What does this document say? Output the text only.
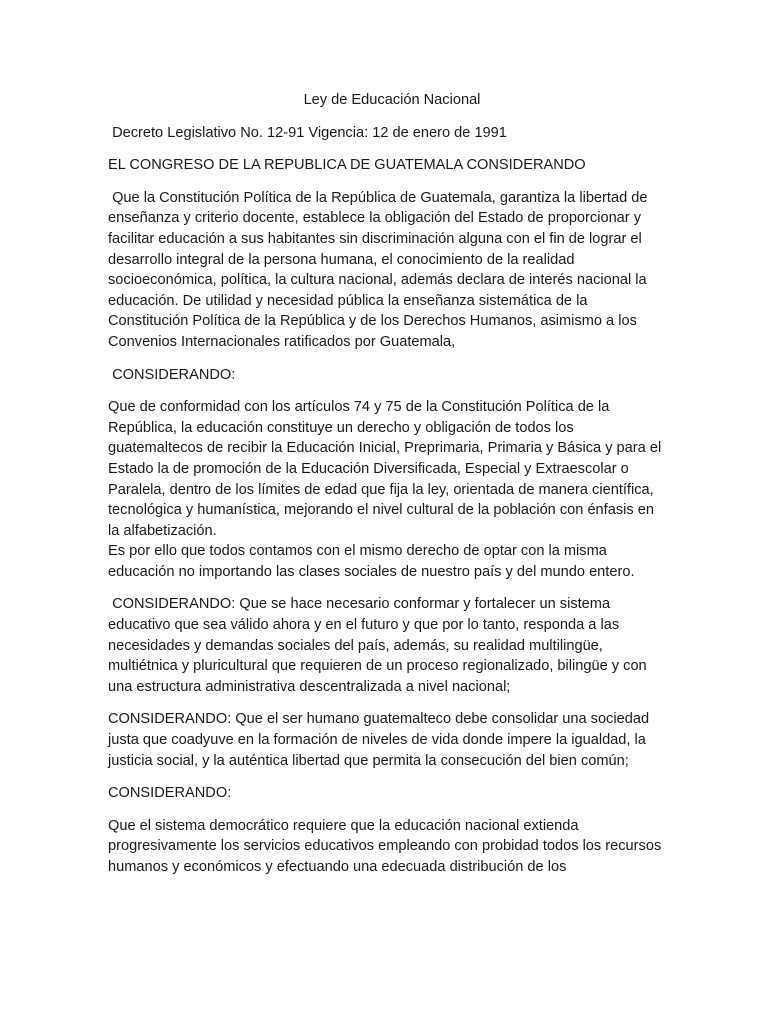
Ley de Educación Nacional
Decreto Legislativo No. 12-91 Vigencia: 12 de enero de 1991
EL CONGRESO DE LA REPUBLICA DE GUATEMALA CONSIDERANDO
Que la Constitución Política de la República de Guatemala, garantiza la libertad de enseñanza y criterio docente, establece la obligación del Estado de proporcionar y facilitar educación a sus habitantes sin discriminación alguna con el fin de lograr el desarrollo integral de la persona humana, el conocimiento de la realidad socioeconómica, política, la cultura nacional, además declara de interés nacional la educación. De utilidad y necesidad pública la enseñanza sistemática de la Constitución Política de la República y de los Derechos Humanos, asimismo a los Convenios Internacionales ratificados por Guatemala,
CONSIDERANDO:
Que de conformidad con los artículos 74 y 75 de la Constitución Política de la República, la educación constituye un derecho y obligación de todos los guatemaltecos de recibir la Educación Inicial, Preprimaria, Primaria y Básica y para el Estado la de promoción de la Educación Diversificada, Especial y Extraescolar o Paralela, dentro de los límites de edad que fija la ley, orientada de manera científica, tecnológica y humanística, mejorando el nivel cultural de la población con énfasis en la alfabetización.
Es por ello que todos contamos con el mismo derecho de optar con la misma educación no importando las clases sociales de nuestro país y del mundo entero.
CONSIDERANDO: Que se hace necesario conformar y fortalecer un sistema educativo que sea válido ahora y en el futuro y que por lo tanto, responda a las necesidades y demandas sociales del país, además, su realidad multilingüe, multiétnica y pluricultural que requieren de un proceso regionalizado, bilingüe y con una estructura administrativa descentralizada a nivel nacional;
CONSIDERANDO: Que el ser humano guatemalteco debe consolidar una sociedad justa que coadyuve en la formación de niveles de vida donde impere la igualdad, la justicia social, y la auténtica libertad que permita la consecución del bien común;
CONSIDERANDO:
Que el sistema democrático requiere que la educación nacional extienda progresivamente los servicios educativos empleando con probidad todos los recursos humanos y económicos y efectuando una edecuada distribución de los
